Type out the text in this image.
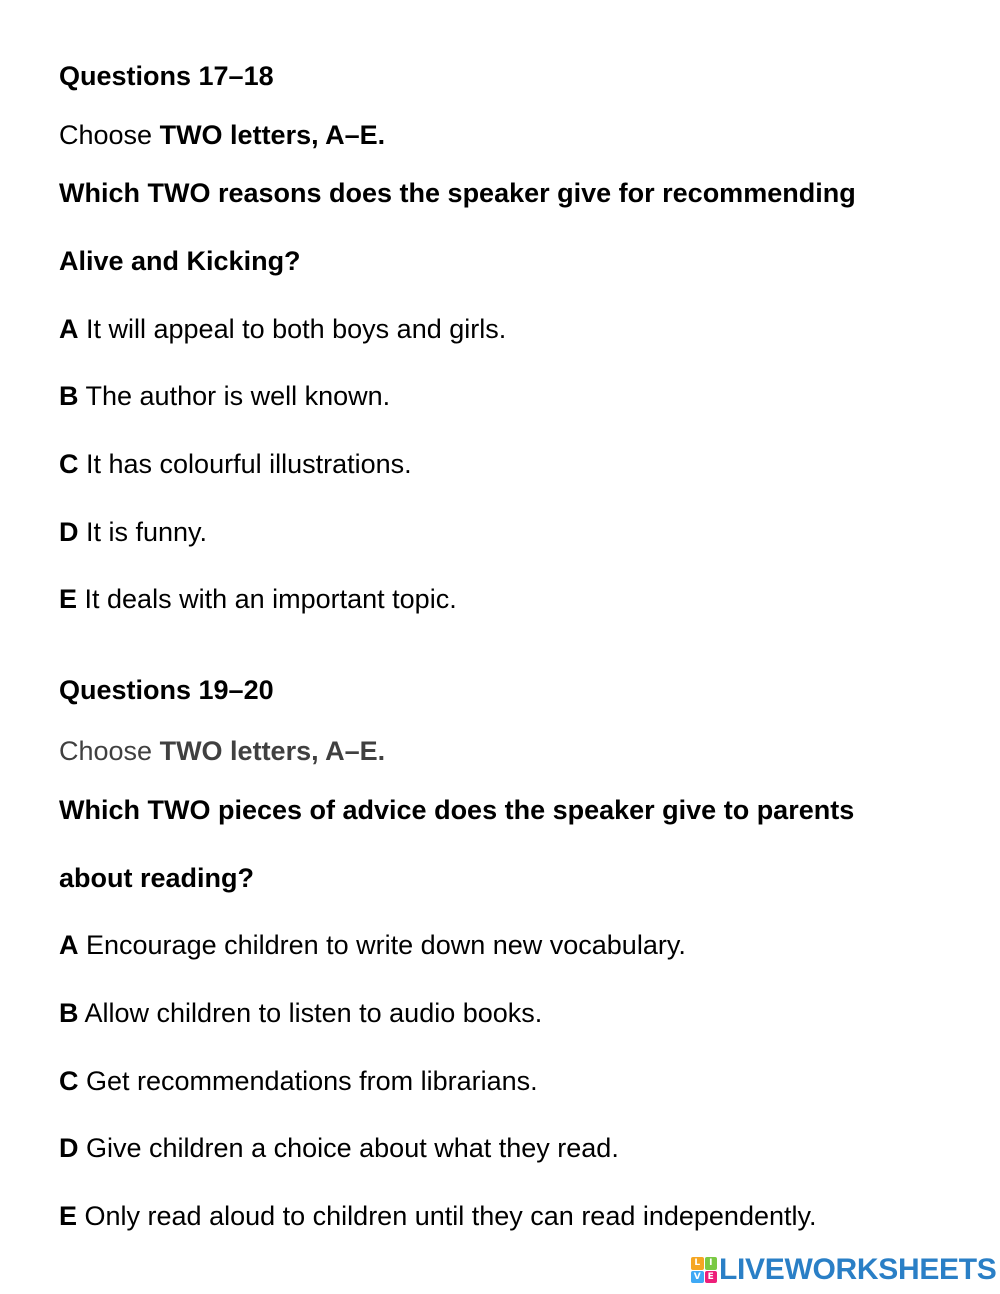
Questions 17–18
Choose TWO letters, A–E.
Which TWO reasons does the speaker give for recommending
Alive and Kicking?
A It will appeal to both boys and girls.
B The author is well known.
C It has colourful illustrations.
D It is funny.
E It deals with an important topic.
Questions 19–20
Choose TWO letters, A–E.
Which TWO pieces of advice does the speaker give to parents
about reading?
A Encourage children to write down new vocabulary.
B Allow children to listen to audio books.
C Get recommendations from librarians.
D Give children a choice about what they read.
E Only read aloud to children until they can read independently.
L I
V E LIVEWORKSHEETS
